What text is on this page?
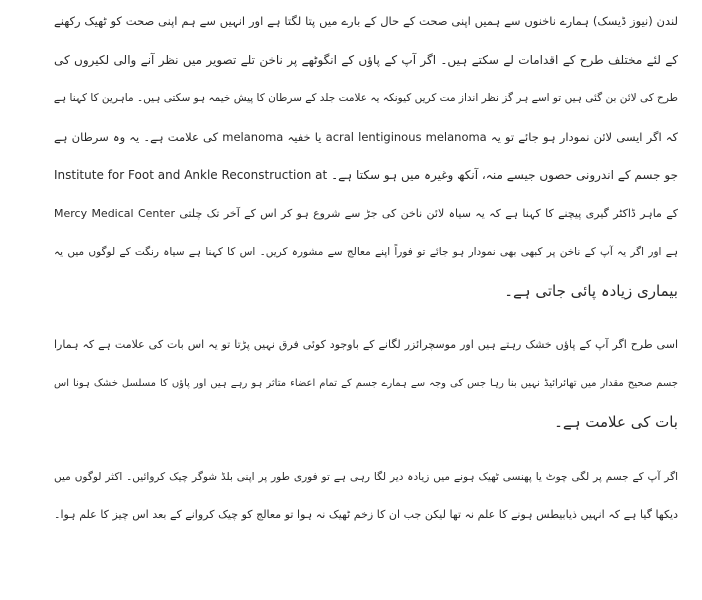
لندن (نیوز ڈیسک) ہمارے ناخنوں سے ہمیں اپنی صحت کے حال کے بارے میں پتا لگتا ہے اور انہیں سے ہم اپنی صحت کو ٹھیک رکھنے
کے لئے مختلف طرح کے اقدامات لے سکتے ہیں۔ اگر آپ کے پاؤں کے انگوٹھے پر ناخن تلے تصویر میں نظر آنے والی لکیروں کی
طرح کی لائن بن گئی ہیں تو اسے ہر گز نظر انداز مت کریں کیونکہ یہ علامت جلد کے سرطان کا پیش خیمہ ہو سکتی ہیں۔ ماہرین کا کہنا ہے
کہ اگر ایسی لائن نمودار ہو جائے تو یہ acral lentiginous melanoma یا خفیہ melanoma کی علامت ہے۔ یہ وہ سرطان ہے
جو جسم کے اندرونی حصوں جیسے منہ، آنکھ وغیرہ میں ہو سکتا ہے۔ Institute for Foot and Ankle Reconstruction at
Mercy Medical Center کے ماہر ڈاکٹر گیری پیچنے کا کہنا ہے کہ یہ سیاہ لائن ناخن کی جڑ سے شروع ہو کر اس کے آخر تک چلتی
ہے اور اگر یہ آپ کے ناخن پر کبھی بھی نمودار ہو جائے تو فوراً اپنے معالج سے مشورہ کریں۔ اس کا کہنا ہے سیاہ رنگت کے لوگوں میں یہ
بیماری زیادہ پائی جاتی ہے۔
اسی طرح اگر آپ کے پاؤں خشک رہتے ہیں اور موسچرائزر لگانے کے باوجود کوئی فرق نہیں پڑتا تو یہ اس بات کی علامت ہے کہ ہمارا
جسم صحیح مقدار میں تھائرائیڈ نہیں بنا رہا جس کی وجہ سے ہمارے جسم کے تمام اعضاء متاثر ہو رہے ہیں اور پاؤں کا مسلسل خشک ہونا اس
بات کی علامت ہے۔
اگر آپ کے جسم پر لگی چوٹ یا پھنسی ٹھیک ہونے میں زیادہ دیر لگا رہی ہے تو فوری طور پر اپنی بلڈ شوگر چیک کروائیں۔ اکثر لوگوں میں
دیکھا گیا ہے کہ انہیں ذیابیطس ہونے کا علم نہ تھا لیکن جب ان کا زخم ٹھیک نہ ہوا تو معالج کو چیک کروانے کے بعد اس چیز کا علم ہوا۔
